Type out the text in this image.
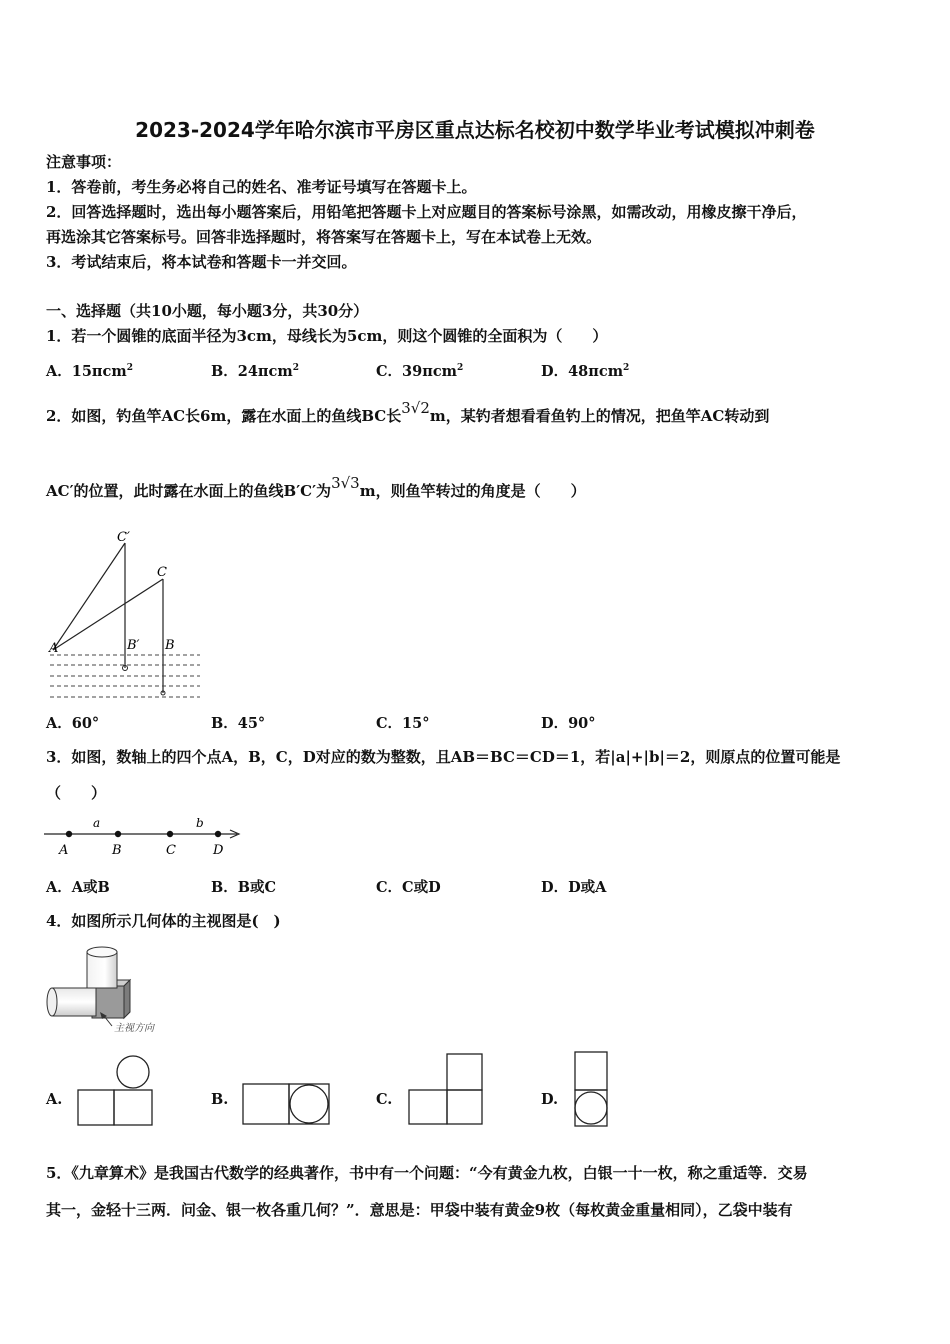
2023-2024学年哈尔滨市平房区重点达标名校初中数学毕业考试模拟冲刺卷
注意事项：
1．答卷前，考生务必将自己的姓名、准考证号填写在答题卡上。
2．回答选择题时，选出每小题答案后，用铅笔把答题卡上对应题目的答案标号涂黑，如需改动，用橡皮擦干净后，
再选涂其它答案标号。回答非选择题时，将答案写在答题卡上，写在本试卷上无效。
3．考试结束后，将本试卷和答题卡一并交回。
一、选择题（共10小题，每小题3分，共30分）
1．若一个圆锥的底面半径为3cm，母线长为5cm，则这个圆锥的全面积为（　　）
A．15πcm$^2$	B．24πcm$^2$	C．39πcm$^2$	D．48πcm$^2$
2．如图，钓鱼竿AC长6m，露在水面上的鱼线BC长3√2m，某钓者想看看鱼钓上的情况，把鱼竿AC转动到
AC′的位置，此时露在水面上的鱼线B′C′为3√3m，则鱼竿转过的角度是（　　）
C′
C
A	B′ B
A．60°	B．45°	C．15°	D．90°
3．如图，数轴上的四个点A，B，C，D对应的数为整数，且AB＝BC＝CD＝1，若|a|+|b|＝2，则原点的位置可能是
（　　）
a	b
A	B	C	D
A．A或B	B．B或C	C．C或D	D．D或A
4．如图所示几何体的主视图是(　)
主视方向
A.	B.	C.	D.
5．《九章算术》是我国古代数学的经典著作，书中有一个问题：“今有黄金九枚，白银一十一枚，称之重适等．交易
其一，金轻十三两．问金、银一枚各重几何？”．意思是：甲袋中装有黄金9枚（每枚黄金重量相同），乙袋中装有
